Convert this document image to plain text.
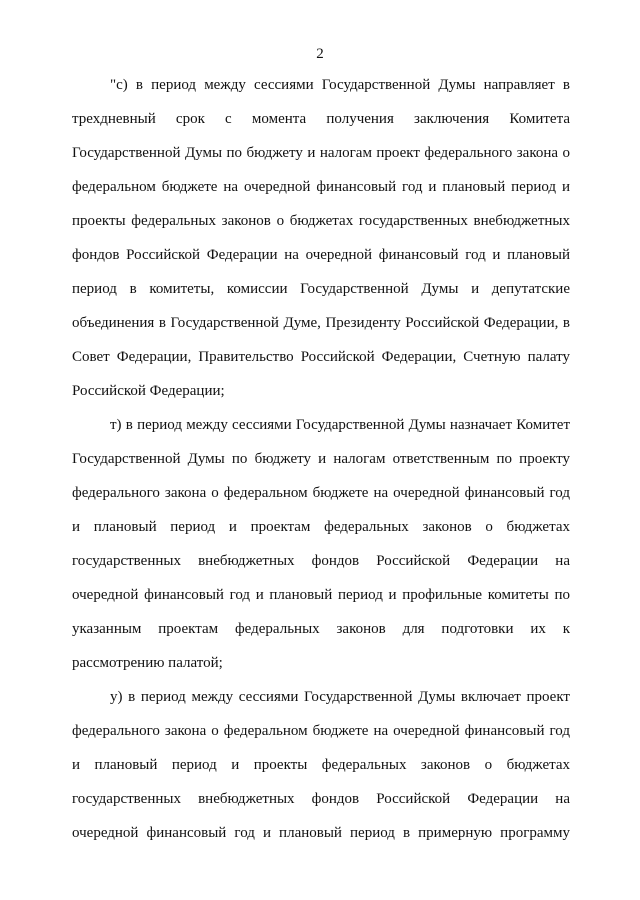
2
"с) в период между сессиями Государственной Думы направляет в
трехдневный срок с момента получения заключения Комитета
Государственной Думы по бюджету и налогам проект федерального закона о
федеральном бюджете на очередной финансовый год и плановый период и
проекты федеральных законов о бюджетах государственных внебюджетных
фондов Российской Федерации на очередной финансовый год и плановый
период в комитеты, комиссии Государственной Думы и депутатские
объединения в Государственной Думе, Президенту Российской Федерации, в
Совет Федерации, Правительство Российской Федерации, Счетную палату
Российской Федерации;
т) в период между сессиями Государственной Думы назначает Комитет
Государственной Думы по бюджету и налогам ответственным по проекту
федерального закона о федеральном бюджете на очередной финансовый год
и плановый период и проектам федеральных законов о бюджетах
государственных внебюджетных фондов Российской Федерации на
очередной финансовый год и плановый период и профильные комитеты по
указанным проектам федеральных законов для подготовки их к
рассмотрению палатой;
у) в период между сессиями Государственной Думы включает проект
федерального закона о федеральном бюджете на очередной финансовый год
и плановый период и проекты федеральных законов о бюджетах
государственных внебюджетных фондов Российской Федерации на
очередной финансовый год и плановый период в примерную программу
